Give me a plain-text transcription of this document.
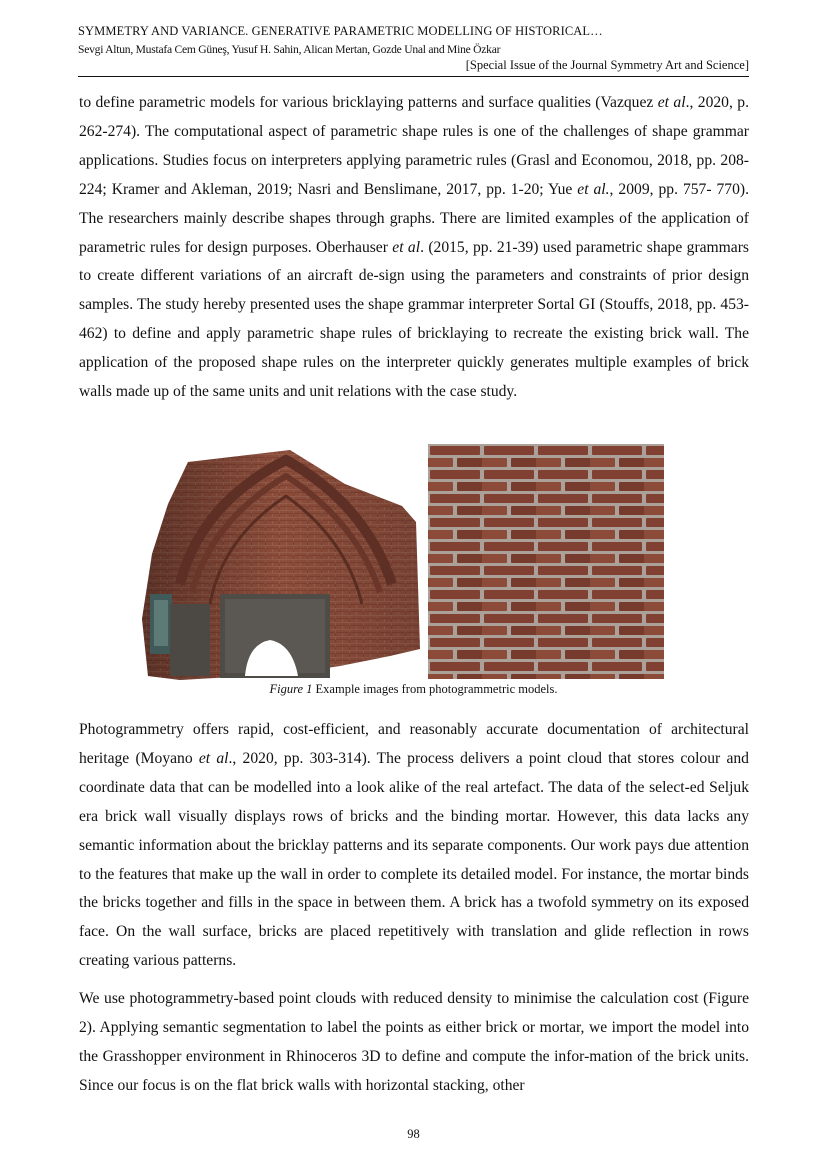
SYMMETRY AND VARIANCE. GENERATIVE PARAMETRIC MODELLING OF HISTORICAL…
Sevgi Altun, Mustafa Cem Güneş, Yusuf H. Sahin, Alican Mertan, Gozde Unal and Mine Özkar
[Special Issue of the Journal Symmetry Art and Science]

to define parametric models for various bricklaying patterns and surface qualities (Vazquez et al., 2020, p. 262-274). The computational aspect of parametric shape rules is one of the challenges of shape grammar applications. Studies focus on interpreters applying parametric rules (Grasl and Economou, 2018, pp. 208-224; Kramer and Akleman, 2019; Nasri and Benslimane, 2017, pp. 1-20; Yue et al., 2009, pp. 757- 770). The researchers mainly describe shapes through graphs. There are limited examples of the application of parametric rules for design purposes. Oberhauser et al. (2015, pp. 21-39) used parametric shape grammars to create different variations of an aircraft de-sign using the parameters and constraints of prior design samples. The study hereby presented uses the shape grammar interpreter Sortal GI (Stouffs, 2018, pp. 453-462) to define and apply parametric shape rules of bricklaying to recreate the existing brick wall. The application of the proposed shape rules on the interpreter quickly generates multiple examples of brick walls made up of the same units and unit relations with the case study.

Figure 1 Example images from photogrammetric models.

Photogrammetry offers rapid, cost-efficient, and reasonably accurate documentation of architectural heritage (Moyano et al., 2020, pp. 303-314). The process delivers a point cloud that stores colour and coordinate data that can be modelled into a look alike of the real artefact. The data of the select-ed Seljuk era brick wall visually displays rows of bricks and the binding mortar. However, this data lacks any semantic information about the bricklay patterns and its separate components. Our work pays due attention to the features that make up the wall in order to complete its detailed model. For instance, the mortar binds the bricks together and fills in the space in between them. A brick has a twofold symmetry on its exposed face. On the wall surface, bricks are placed repetitively with translation and glide reflection in rows creating various patterns.

We use photogrammetry-based point clouds with reduced density to minimise the calculation cost (Figure 2). Applying semantic segmentation to label the points as either brick or mortar, we import the model into the Grasshopper environment in Rhinoceros 3D to define and compute the infor-mation of the brick units. Since our focus is on the flat brick walls with horizontal stacking, other

98
